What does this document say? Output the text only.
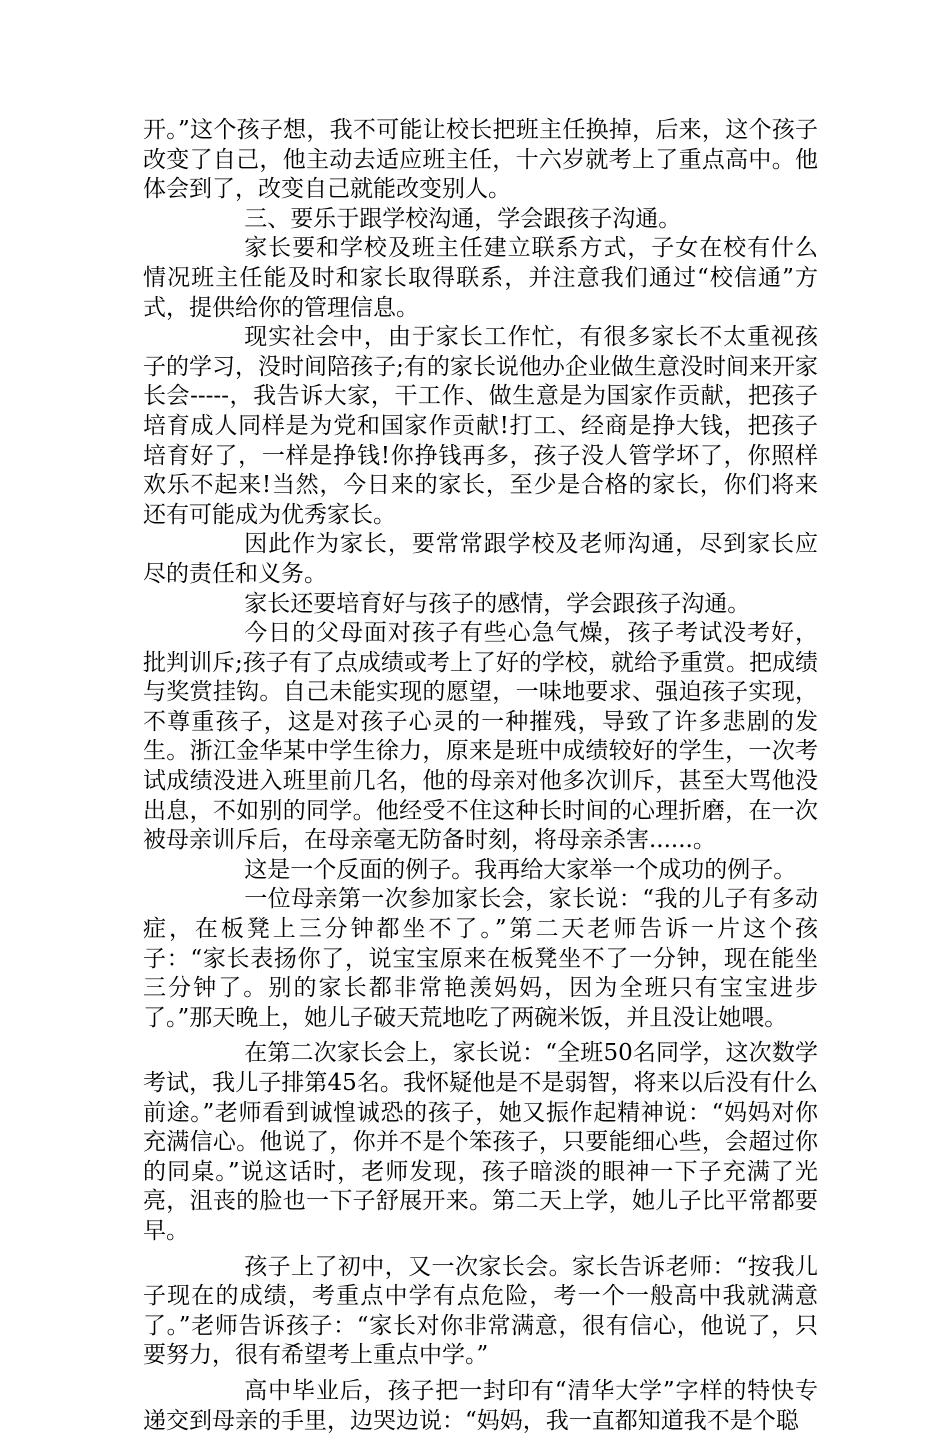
开。”这个孩子想，我不可能让校长把班主任换掉，后来，这个孩子改变了自己，他主动去适应班主任，十六岁就考上了重点高中。他体会到了，改变自己就能改变别人。

三、要乐于跟学校沟通，学会跟孩子沟通。

家长要和学校及班主任建立联系方式，子女在校有什么情况班主任能及时和家长取得联系，并注意我们通过“校信通”方式，提供给你的管理信息。

现实社会中，由于家长工作忙，有很多家长不太重视孩子的学习，没时间陪孩子;有的家长说他办企业做生意没时间来开家长会-----，我告诉大家，干工作、做生意是为国家作贡献，把孩子培育成人同样是为党和国家作贡献!打工、经商是挣大钱，把孩子培育好了，一样是挣钱!你挣钱再多，孩子没人管学坏了，你照样欢乐不起来!当然，今日来的家长，至少是合格的家长，你们将来还有可能成为优秀家长。

因此作为家长，要常常跟学校及老师沟通，尽到家长应尽的责任和义务。

家长还要培育好与孩子的感情，学会跟孩子沟通。

今日的父母面对孩子有些心急气燥，孩子考试没考好，批判训斥;孩子有了点成绩或考上了好的学校，就给予重赏。把成绩与奖赏挂钩。自己未能实现的愿望，一味地要求、强迫孩子实现，不尊重孩子，这是对孩子心灵的一种摧残，导致了许多悲剧的发生。浙江金华某中学生徐力，原来是班中成绩较好的学生，一次考试成绩没进入班里前几名，他的母亲对他多次训斥，甚至大骂他没出息，不如别的同学。他经受不住这种长时间的心理折磨，在一次被母亲训斥后，在母亲毫无防备时刻，将母亲杀害......。

这是一个反面的例子。我再给大家举一个成功的例子。

一位母亲第一次参加家长会，家长说：“我的儿子有多动症，在板凳上三分钟都坐不了。”第二天老师告诉一片这个孩子：“家长表扬你了，说宝宝原来在板凳坐不了一分钟，现在能坐三分钟了。别的家长都非常艳羡妈妈，因为全班只有宝宝进步了。”那天晚上，她儿子破天荒地吃了两碗米饭，并且没让她喂。

在第二次家长会上，家长说：“全班50名同学，这次数学考试，我儿子排第45名。我怀疑他是不是弱智，将来以后没有什么前途。”老师看到诚惶诚恐的孩子，她又振作起精神说：“妈妈对你充满信心。他说了，你并不是个笨孩子，只要能细心些，会超过你的同桌。”说这话时，老师发现，孩子暗淡的眼神一下子充满了光亮，沮丧的脸也一下子舒展开来。第二天上学，她儿子比平常都要早。

孩子上了初中，又一次家长会。家长告诉老师：“按我儿子现在的成绩，考重点中学有点危险，考一个一般高中我就满意了。”老师告诉孩子：“家长对你非常满意，很有信心，他说了，只要努力，很有希望考上重点中学。”

高中毕业后，孩子把一封印有“清华大学”字样的特快专递交到母亲的手里，边哭边说：“妈妈，我一直都知道我不是个聪
